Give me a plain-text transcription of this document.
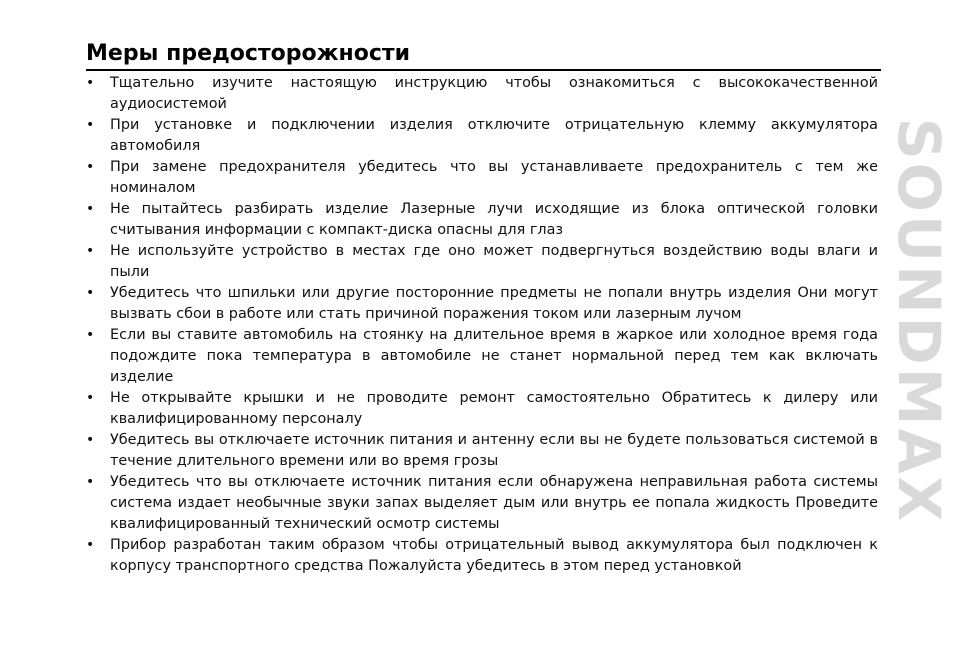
Меры предосторожности
• Тщательно изучите настоящую инструкцию чтобы ознакомиться с высококачественной аудиосистемой
• При установке и подключении изделия отключите отрицательную клемму аккумулятора автомобиля
• При замене предохранителя убедитесь что вы устанавливаете предохранитель с тем же номиналом
• Не пытайтесь разбирать изделие Лазерные лучи исходящие из блока оптической головки считывания информации с компакт-диска опасны для глаз
• Не используйте устройство в местах где оно может подвергнуться воздействию воды влаги и пыли
• Убедитесь что шпильки или другие посторонние предметы не попали внутрь изделия Они могут вызвать сбои в работе или стать причиной поражения током или лазерным лучом
• Если вы ставите автомобиль на стоянку на длительное время в жаркое или холодное время года подождите пока температура в автомобиле не станет нормальной перед тем как включать изделие
• Не открывайте крышки и не проводите ремонт самостоятельно Обратитесь к дилеру или квалифицированному персоналу
• Убедитесь вы отключаете источник питания и антенну если вы не будете пользоваться системой в течение длительного времени или во время грозы
• Убедитесь что вы отключаете источник питания если обнаружена неправильная работа системы система издает необычные звуки запах выделяет дым или внутрь ее попала жидкость Проведите квалифицированный технический осмотр системы
• Прибор разработан таким образом чтобы отрицательный вывод аккумулятора был подключен к корпусу транспортного средства Пожалуйста убедитесь в этом перед установкой
SOUNDMAX
